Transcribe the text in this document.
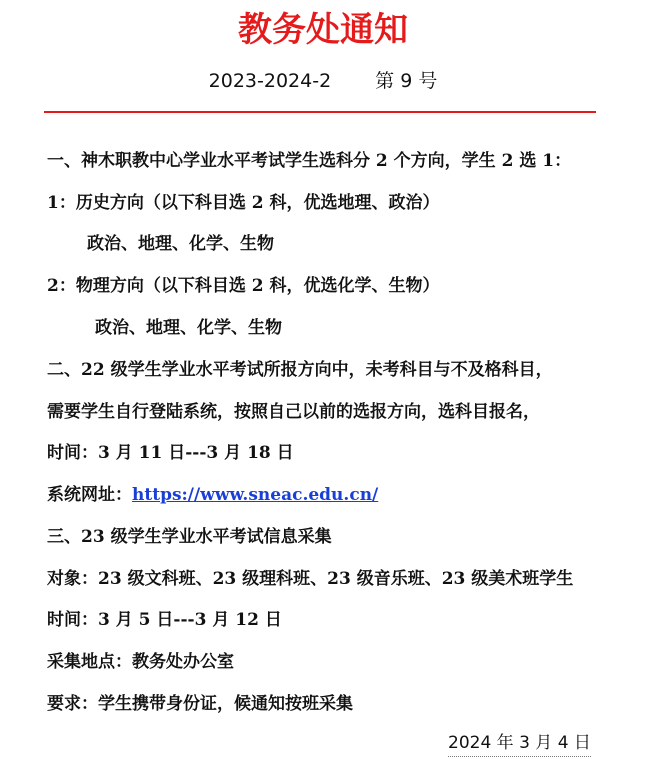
教务处通知
2023-2024-2 第 9 号
一、神木职教中心学业水平考试学生选科分 2 个方向，学生 2 选 1：
1：历史方向（以下科目选 2 科，优选地理、政治）
政治、地理、化学、生物
2：物理方向（以下科目选 2 科，优选化学、生物）
政治、地理、化学、生物
二、22 级学生学业水平考试所报方向中，未考科目与不及格科目，
需要学生自行登陆系统，按照自己以前的选报方向，选科目报名，
时间：3 月 11 日---3 月 18 日
系统网址：https://www.sneac.edu.cn/
三、23 级学生学业水平考试信息采集
对象：23 级文科班、23 级理科班、23 级音乐班、23 级美术班学生
时间：3 月 5 日---3 月 12 日
采集地点：教务处办公室
要求：学生携带身份证，候通知按班采集
2024 年 3 月 4 日
